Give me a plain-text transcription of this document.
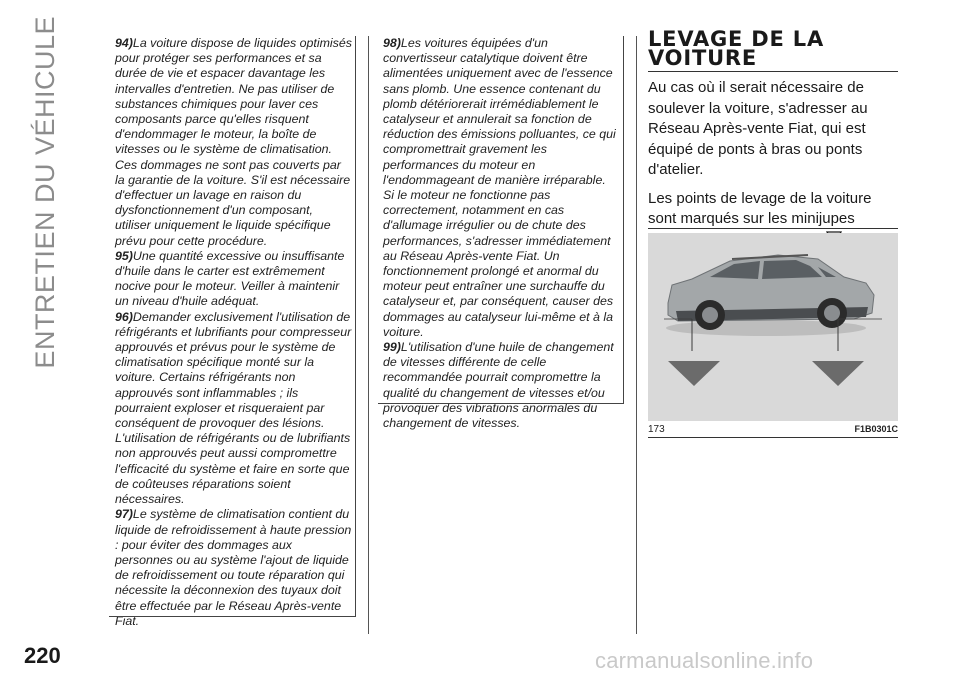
ENTRETIEN DU VÉHICULE
220

94)La voiture dispose de liquides optimisés pour protéger ses performances et sa durée de vie et espacer davantage les intervalles d'entretien. Ne pas utiliser de substances chimiques pour laver ces composants parce qu'elles risquent d'endommager le moteur, la boîte de vitesses ou le système de climatisation. Ces dommages ne sont pas couverts par la garantie de la voiture. S'il est nécessaire d'effectuer un lavage en raison du dysfonctionnement d'un composant, utiliser uniquement le liquide spécifique prévu pour cette procédure.

95)Une quantité excessive ou insuffisante d'huile dans le carter est extrêmement nocive pour le moteur. Veiller à maintenir un niveau d'huile adéquat.

96)Demander exclusivement l'utilisation de réfrigérants et lubrifiants pour compresseur approuvés et prévus pour le système de climatisation spécifique monté sur la voiture. Certains réfrigérants non approuvés sont inflammables ; ils pourraient exploser et risqueraient par conséquent de provoquer des lésions. L'utilisation de réfrigérants ou de lubrifiants non approuvés peut aussi compromettre l'efficacité du système et faire en sorte que de coûteuses réparations soient nécessaires.

97)Le système de climatisation contient du liquide de refroidissement à haute pression : pour éviter des dommages aux personnes ou au système l'ajout de liquide de refroidissement ou toute réparation qui nécessite la déconnexion des tuyaux doit être effectuée par le Réseau Après-vente Fiat.

98)Les voitures équipées d'un convertisseur catalytique doivent être alimentées uniquement avec de l'essence sans plomb. Une essence contenant du plomb détériorerait irrémédiablement le catalyseur et annulerait sa fonction de réduction des émissions polluantes, ce qui compromettrait gravement les performances du moteur en l'endommageant de manière irréparable. Si le moteur ne fonctionne pas correctement, notamment en cas d'allumage irrégulier ou de chute des performances, s'adresser immédiatement au Réseau Après-vente Fiat. Un fonctionnement prolongé et anormal du moteur peut entraîner une surchauffe du catalyseur et, par conséquent, causer des dommages au catalyseur lui-même et à la voiture.

99)L'utilisation d'une huile de changement de vitesses différente de celle recommandée pourrait compromettre la qualité du changement de vitesses et/ou provoquer des vibrations anormales du changement de vitesses.

LEVAGE DE LA
VOITURE

Au cas où il serait nécessaire de soulever la voiture, s'adresser au Réseau Après-vente Fiat, qui est équipé de ponts à bras ou ponts d'atelier.

Les points de levage de la voiture sont marqués sur les minijupes

173	F1B0301C
carmanualsonline.info
